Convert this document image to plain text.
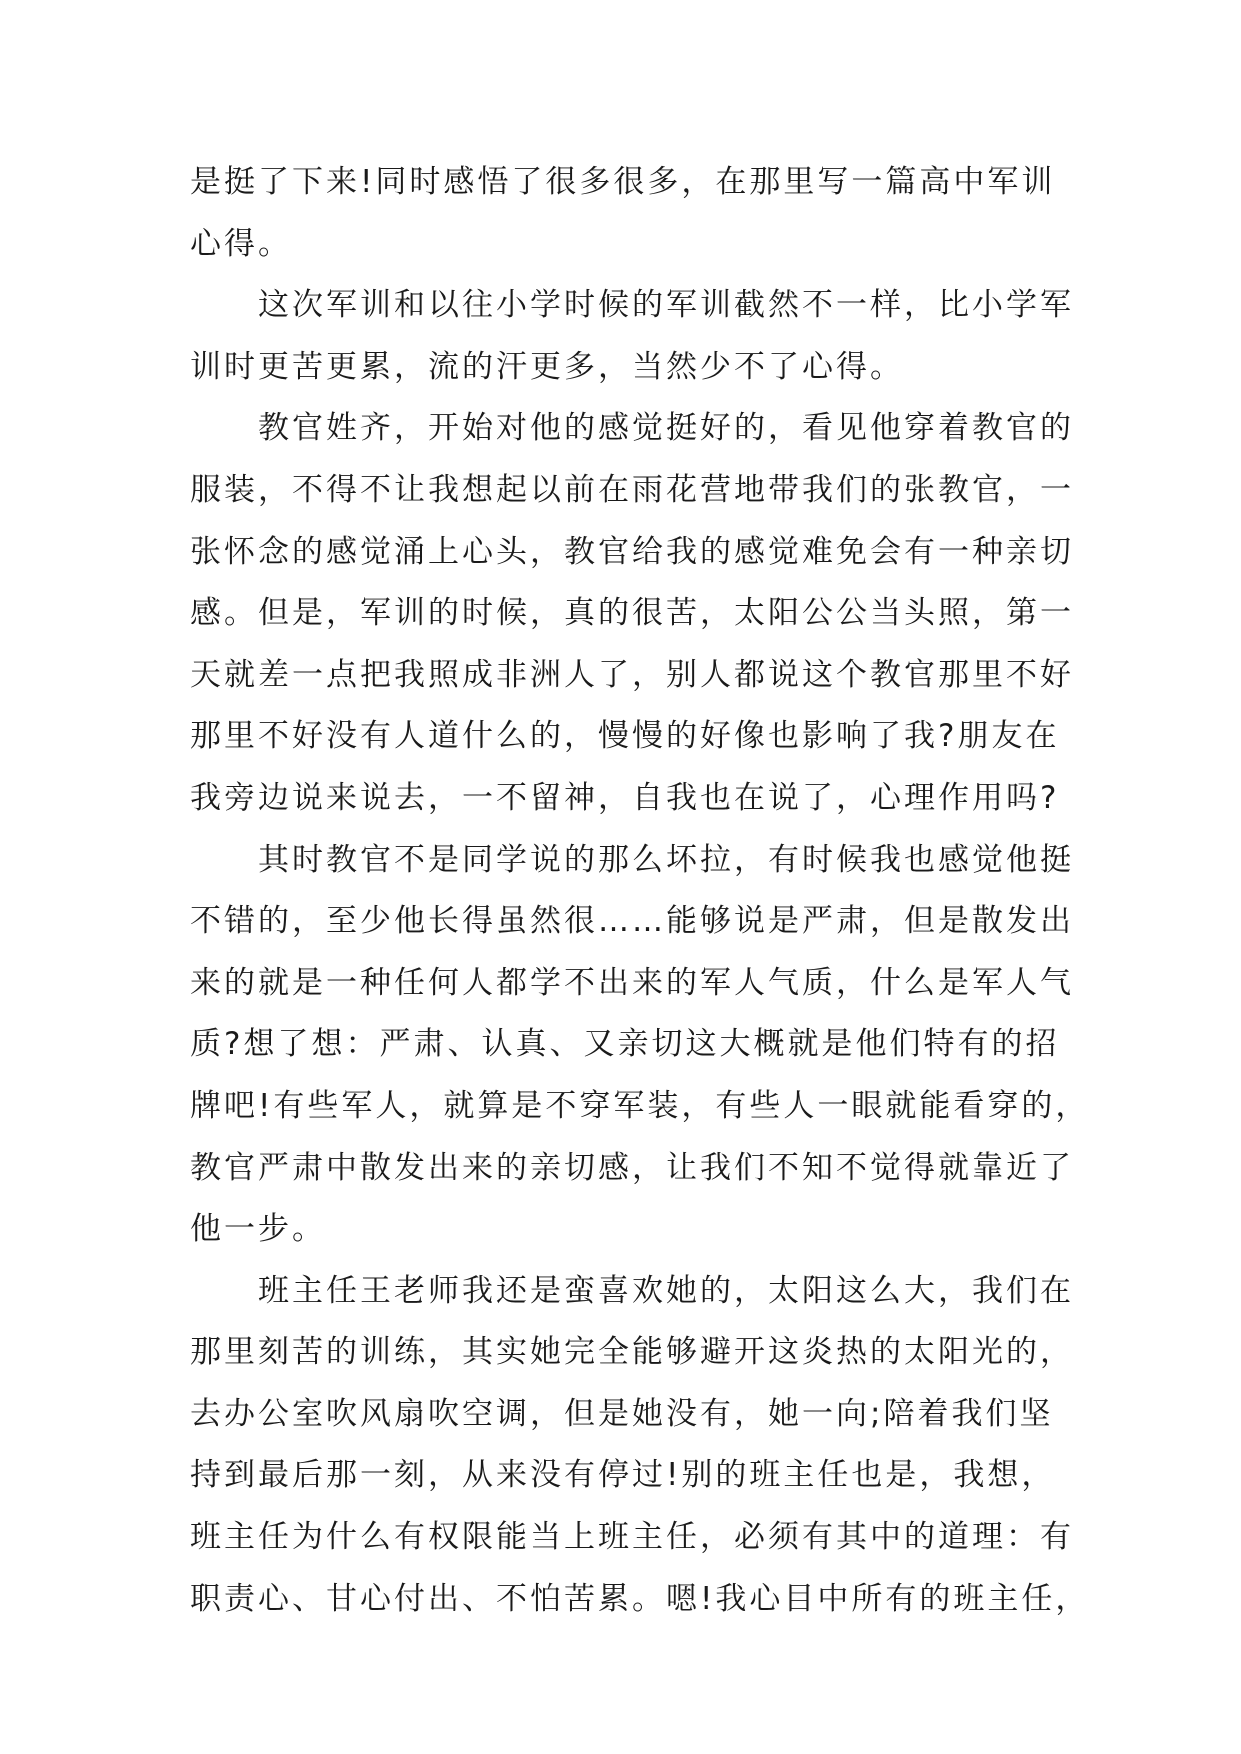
是挺了下来!同时感悟了很多很多，在那里写一篇高中军训
心得。

这次军训和以往小学时候的军训截然不一样，比小学军
训时更苦更累，流的汗更多，当然少不了心得。

教官姓齐，开始对他的感觉挺好的，看见他穿着教官的
服装，不得不让我想起以前在雨花营地带我们的张教官，一
张怀念的感觉涌上心头，教官给我的感觉难免会有一种亲切
感。但是，军训的时候，真的很苦，太阳公公当头照，第一
天就差一点把我照成非洲人了，别人都说这个教官那里不好
那里不好没有人道什么的，慢慢的好像也影响了我?朋友在
我旁边说来说去，一不留神，自我也在说了，心理作用吗?

其时教官不是同学说的那么坏拉，有时候我也感觉他挺
不错的，至少他长得虽然很……能够说是严肃，但是散发出
来的就是一种任何人都学不出来的军人气质，什么是军人气
质?想了想：严肃、认真、又亲切这大概就是他们特有的招
牌吧!有些军人，就算是不穿军装，有些人一眼就能看穿的，
教官严肃中散发出来的亲切感，让我们不知不觉得就靠近了
他一步。

班主任王老师我还是蛮喜欢她的，太阳这么大，我们在
那里刻苦的训练，其实她完全能够避开这炎热的太阳光的，
去办公室吹风扇吹空调，但是她没有，她一向;陪着我们坚
持到最后那一刻，从来没有停过!别的班主任也是，我想，
班主任为什么有权限能当上班主任，必须有其中的道理：有
职责心、甘心付出、不怕苦累。嗯!我心目中所有的班主任，
